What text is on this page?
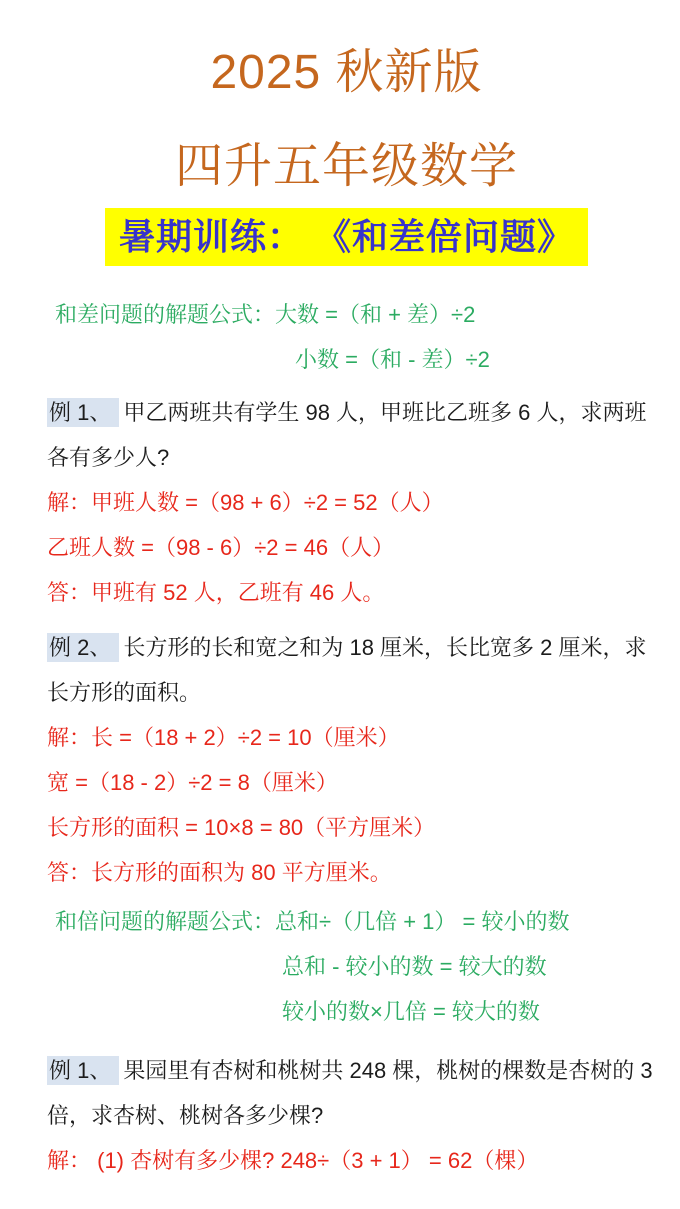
2025 秋新版
四升五年级数学
暑期训练： 《和差倍问题》
和差问题的解题公式：大数 =（和 + 差）÷2
小数 =（和 - 差）÷2

例 1、 甲乙两班共有学生 98 人，甲班比乙班多 6 人，求两班

各有多少人?

解：甲班人数 =（98 + 6）÷2 = 52（人）

乙班人数 =（98 - 6）÷2 = 46（人）

答：甲班有 52 人，乙班有 46 人。

例 2、 长方形的长和宽之和为 18 厘米，长比宽多 2 厘米，求

长方形的面积。

解：长 =（18 + 2）÷2 = 10（厘米）

宽 =（18 - 2）÷2 = 8（厘米）

长方形的面积 = 10×8 = 80（平方厘米）

答：长方形的面积为 80 平方厘米。

和倍问题的解题公式：总和÷（几倍 + 1） = 较小的数
总和 - 较小的数 = 较大的数
较小的数×几倍 = 较大的数

例 1、 果园里有杏树和桃树共 248 棵，桃树的棵数是杏树的 3

倍，求杏树、桃树各多少棵?

解： (1) 杏树有多少棵? 248÷（3 + 1） = 62（棵）
